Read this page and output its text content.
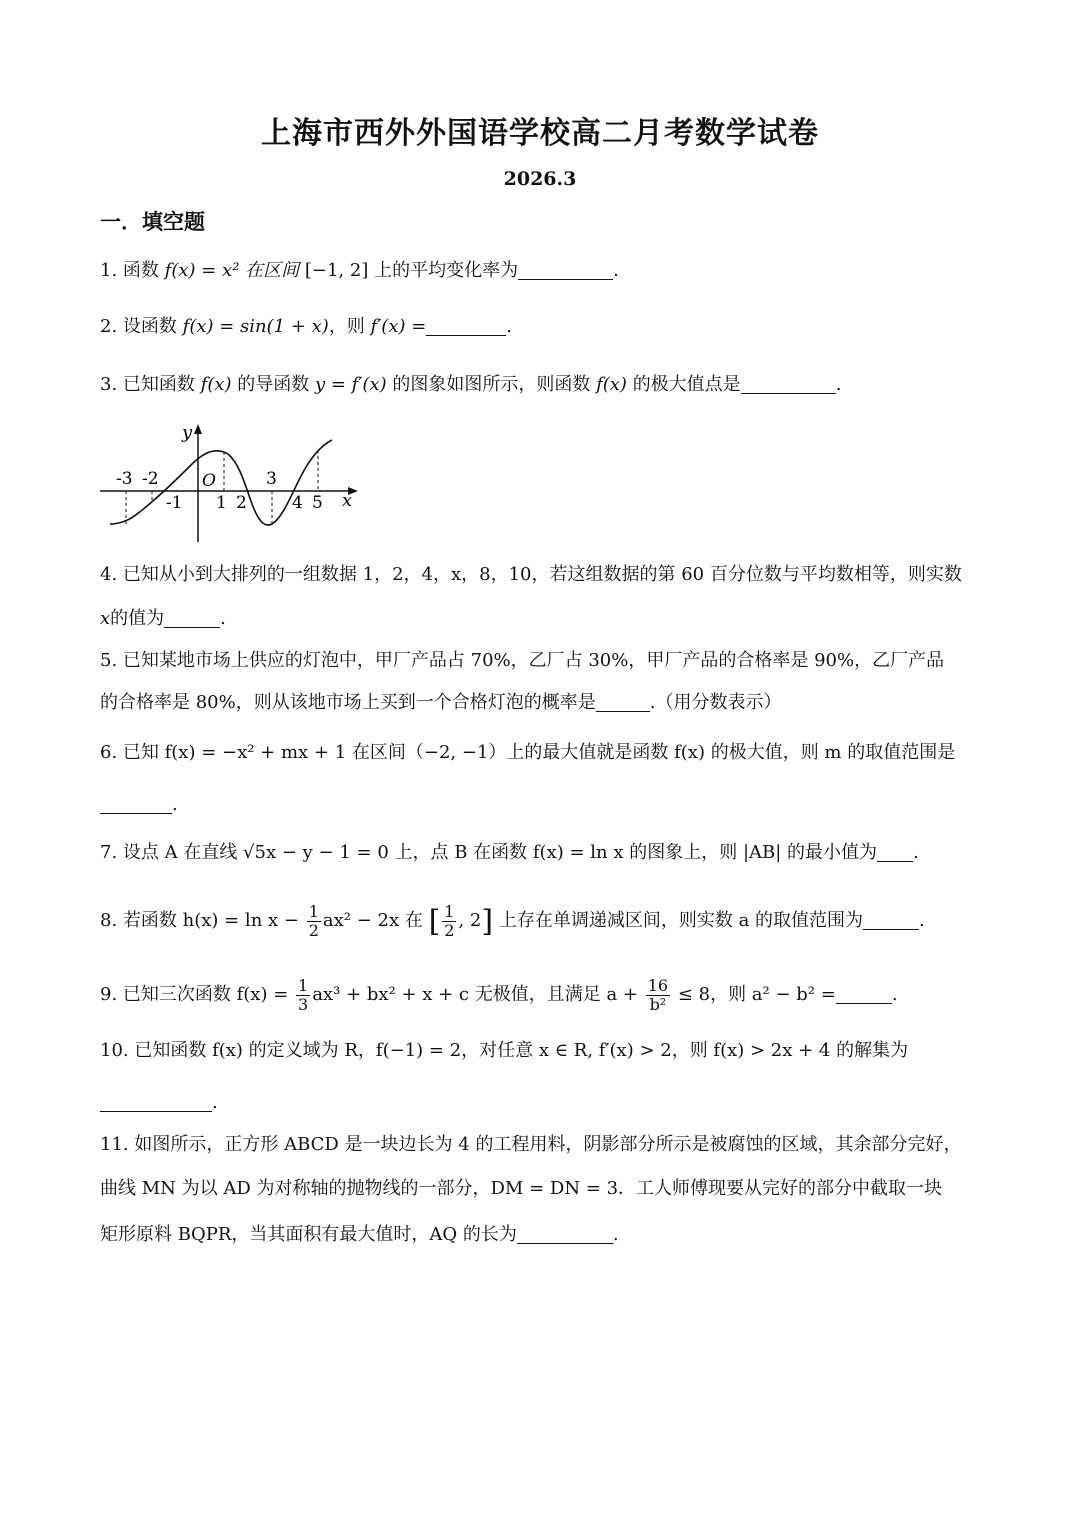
上海市西外外国语学校高二月考数学试卷
2026.3
一．填空题
1. 函数 f(x) = x² 在区间 [−1, 2] 上的平均变化率为	.
2. 设函数 f(x) = sin(1 + x)，则 f′(x) =	.
3. 已知函数 f(x) 的导函数 y = f′(x) 的图象如图所示，则函数 f(x) 的极大值点是	.
y
x
O
-3 -2
-1 1 2
3
4 5
4. 已知从小到大排列的一组数据 1，2，4，x，8，10，若这组数据的第 60 百分位数与平均数相等，则实数
x的值为	.
5. 已知某地市场上供应的灯泡中，甲厂产品占 70%，乙厂占 30%，甲厂产品的合格率是 90%，乙厂产品
的合格率是 80%，则从该地市场上买到一个合格灯泡的概率是	.（用分数表示）
6. 已知 f(x) = −x² + mx + 1 在区间（−2, −1）上的最大值就是函数 f(x) 的极大值，则 m 的取值范围是
.
7. 设点 A 在直线 √5x − y − 1 = 0 上，点 B 在函数 f(x) = ln x 的图象上，则 |AB| 的最小值为 .
8. 若函数 $h(x) = \ln x - \frac{1}{2} ax^2 - 2x$ 在 [ $\frac{1}{2}$ , 2] 上存在单调递减区间，则实数 a 的取值范围为	.
9. 已知三次函数 $f(x) = \frac{1}{3} ax^3 + bx^2 + x + c$ 无极值，且满足 $a + \frac{16}{\text{b²}} \le 8$，则 a² − b² =	.
10. 已知函数 f(x) 的定义域为 R，f(−1) = 2，对任意 x ∈ R, f′(x) > 2，则 f(x) > 2x + 4 的解集为
.
11. 如图所示，正方形 ABCD 是一块边长为 4 的工程用料，阴影部分所示是被腐蚀的区域，其余部分完好，
曲线 MN 为以 AD 为对称轴的抛物线的一部分，DM = DN = 3．工人师傅现要从完好的部分中截取一块
矩形原料 BQPR，当其面积有最大值时，AQ 的长为	.
